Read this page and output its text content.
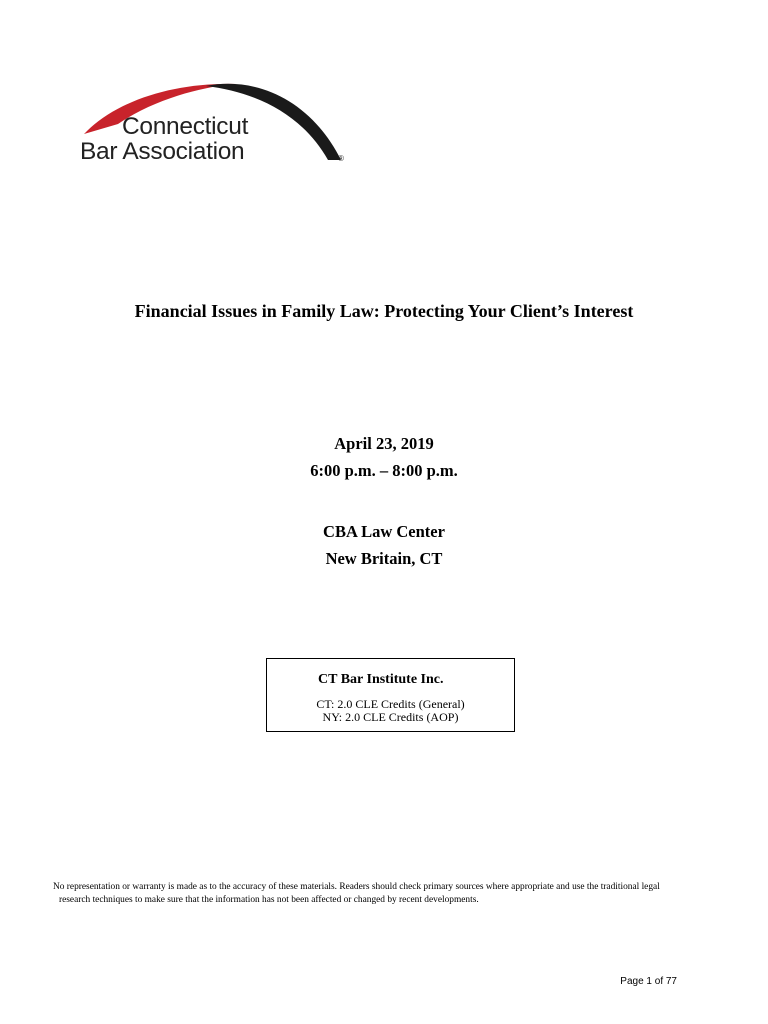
Connecticut
Bar Association	®
Financial Issues in Family Law: Protecting Your Client’s Interest
April 23, 2019
6:00 p.m. – 8:00 p.m.
CBA Law Center
New Britain, CT
CT Bar Institute Inc.
CT: 2.0 CLE Credits (General)
NY: 2.0 CLE Credits (AOP)
No representation or warranty is made as to the accuracy of these materials. Readers should check primary sources where appropriate and use the traditional legal
research techniques to make sure that the information has not been affected or changed by recent developments.
Page 1 of 77
